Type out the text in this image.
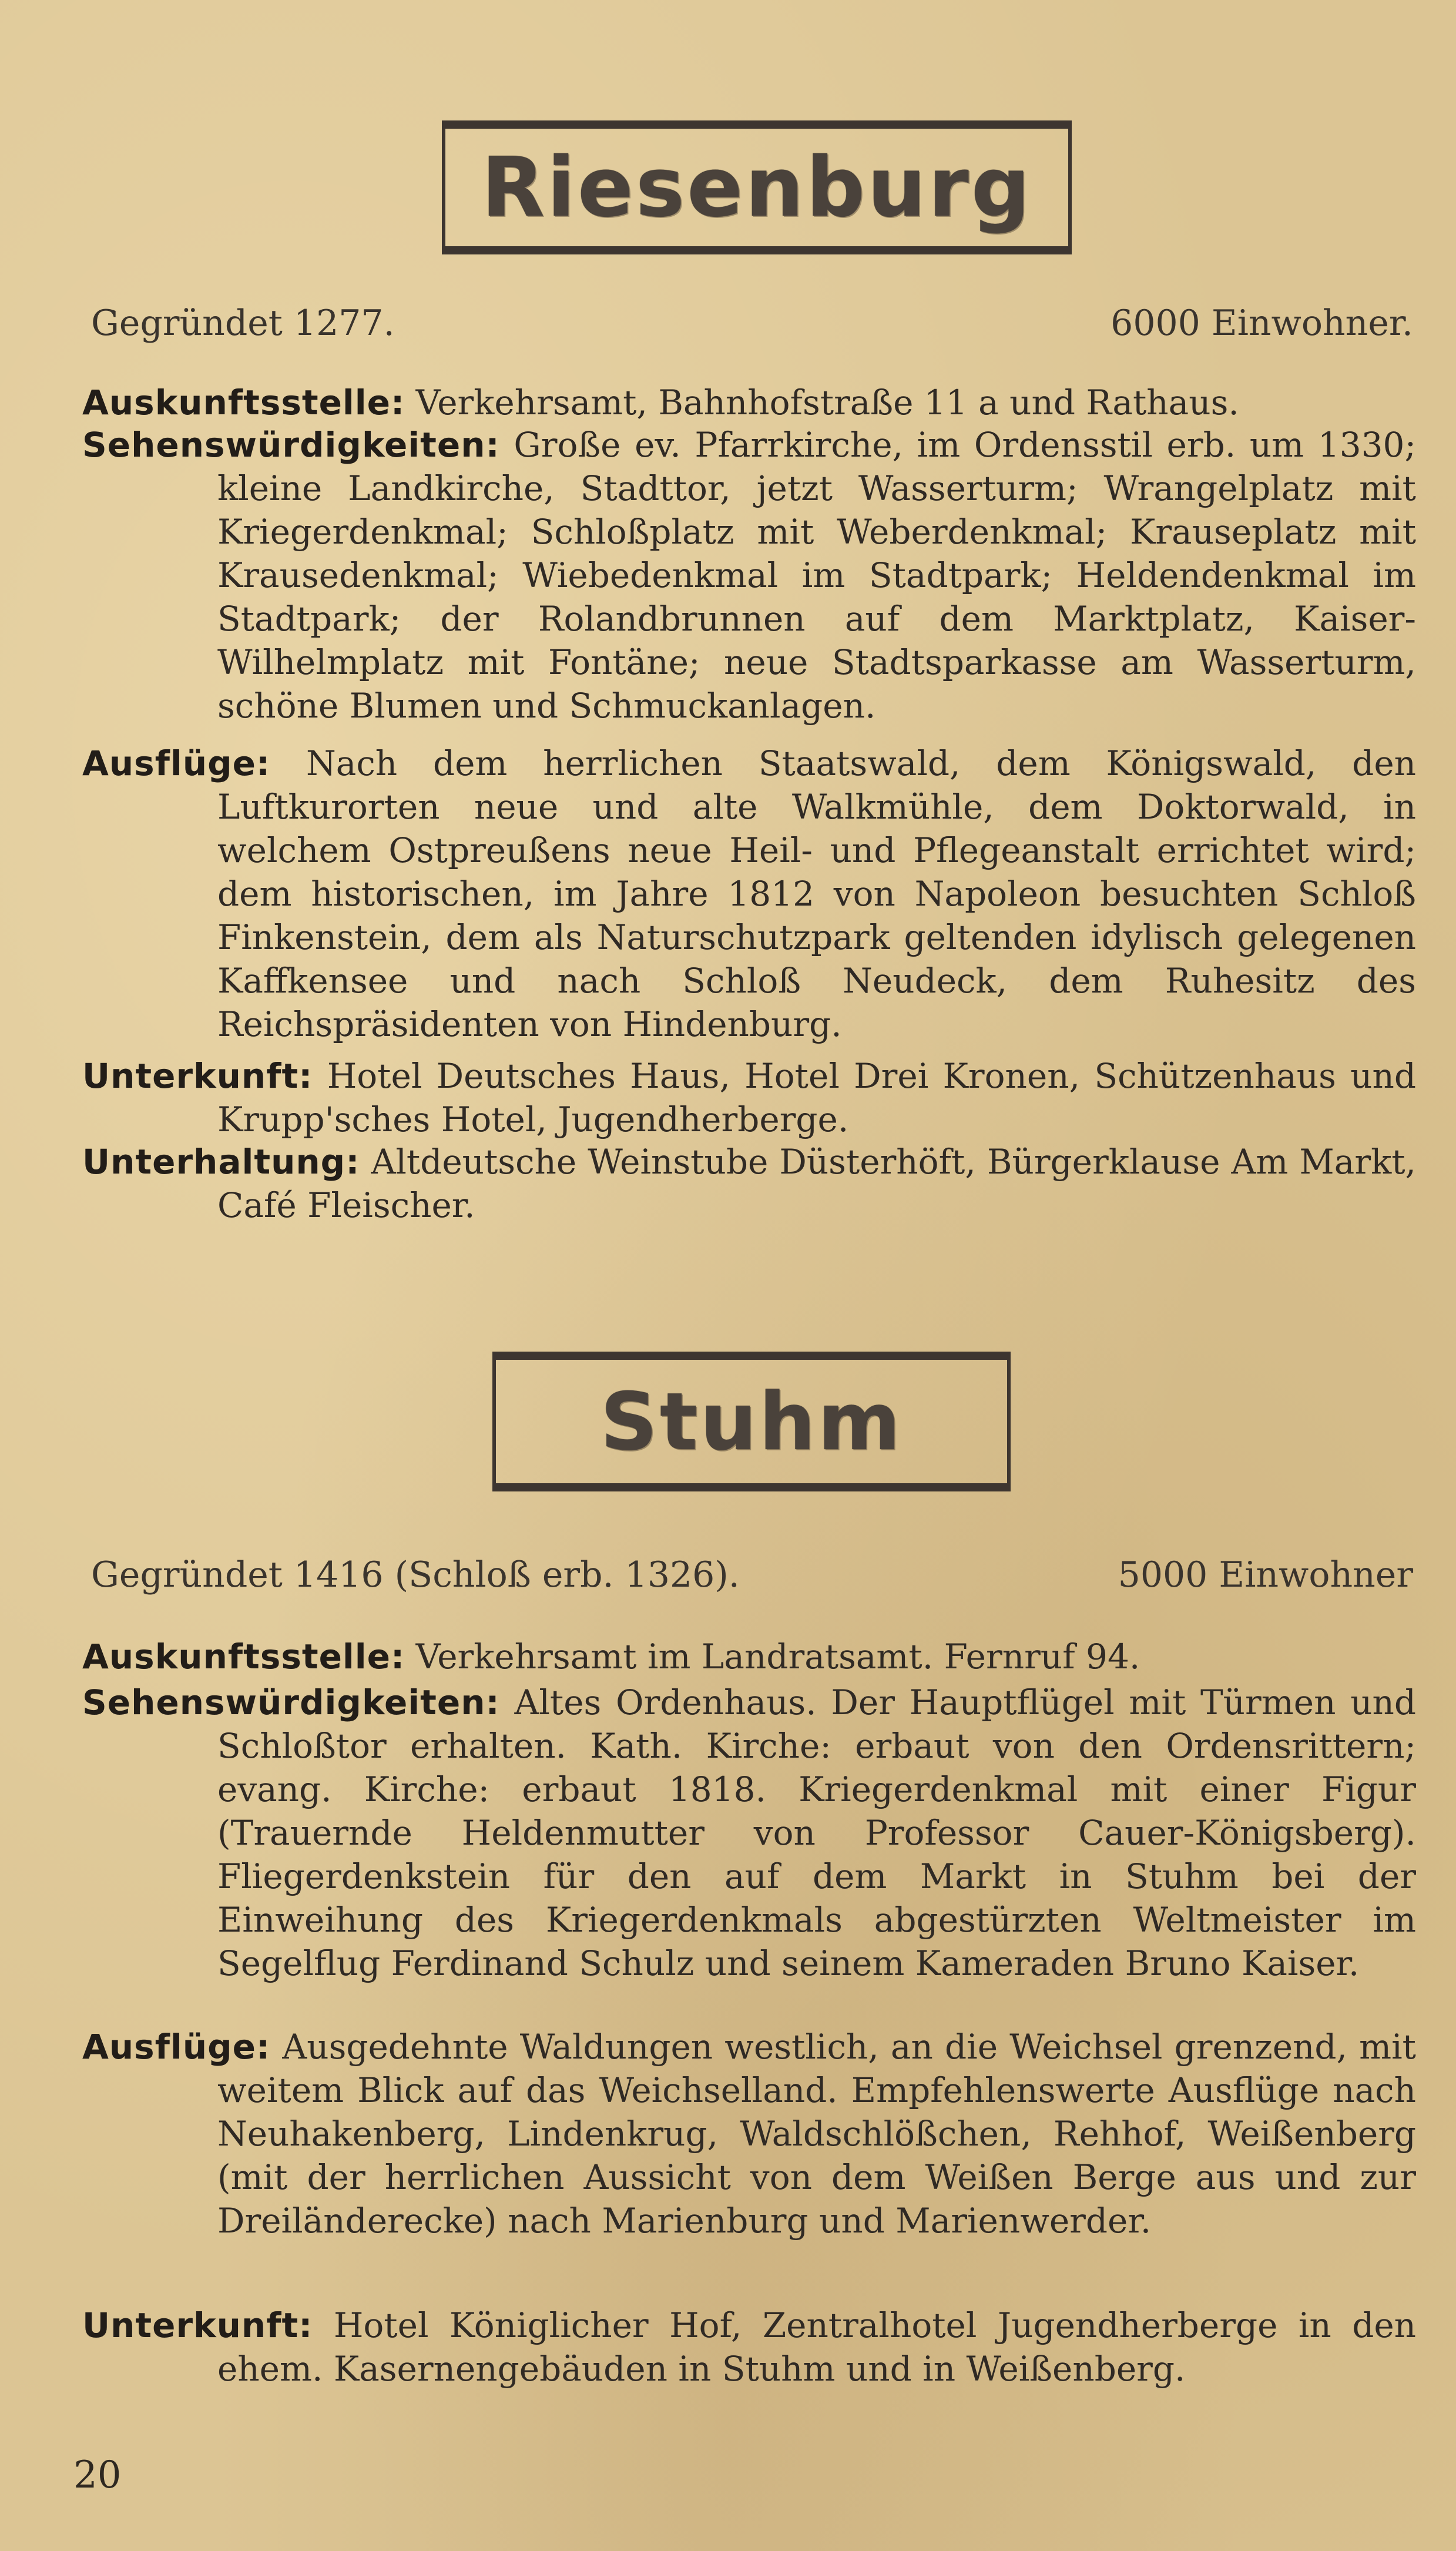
Riesenburg
Gegründet 1277.	6000 Einwohner.
Auskunftsstelle: Verkehrsamt, Bahnhofstraße 11 a und Rathaus.
Sehenswürdigkeiten: Große ev. Pfarrkirche, im Ordensstil erb. um 1330; kleine Landkirche, Stadttor, jetzt Wasserturm; Wrangelplatz mit Kriegerdenkmal; Schloßplatz mit Weberdenkmal; Krauseplatz mit Krausedenkmal; Wiebedenkmal im Stadtpark; Heldendenkmal im Stadtpark; der Rolandbrunnen auf dem Marktplatz, Kaiser-Wilhelmplatz mit Fontäne; neue Stadtsparkasse am Wasserturm, schöne Blumen und Schmuckanlagen.
Ausflüge: Nach dem herrlichen Staatswald, dem Königswald, den Luftkurorten neue und alte Walkmühle, dem Doktorwald, in welchem Ostpreußens neue Heil- und Pflegeanstalt errichtet wird; dem historischen, im Jahre 1812 von Napoleon besuchten Schloß Finkenstein, dem als Naturschutzpark geltenden idylisch gelegenen Kaffkensee und nach Schloß Neudeck, dem Ruhesitz des Reichspräsidenten von Hindenburg.
Unterkunft: Hotel Deutsches Haus, Hotel Drei Kronen, Schützenhaus und Krupp'sches Hotel, Jugendherberge.
Unterhaltung: Altdeutsche Weinstube Düsterhöft, Bürgerklause Am Markt, Café Fleischer.
Stuhm
Gegründet 1416 (Schloß erb. 1326).	5000 Einwohner
Auskunftsstelle: Verkehrsamt im Landratsamt. Fernruf 94.
Sehenswürdigkeiten: Altes Ordenhaus. Der Hauptflügel mit Türmen und Schloßtor erhalten. Kath. Kirche: erbaut von den Ordensrittern; evang. Kirche: erbaut 1818. Kriegerdenkmal mit einer Figur (Trauernde Heldenmutter von Professor Cauer-Königsberg). Fliegerdenkstein für den auf dem Markt in Stuhm bei der Einweihung des Kriegerdenkmals abgestürzten Weltmeister im Segelflug Ferdinand Schulz und seinem Kameraden Bruno Kaiser.
Ausflüge: Ausgedehnte Waldungen westlich, an die Weichsel grenzend, mit weitem Blick auf das Weichselland. Empfehlenswerte Ausflüge nach Neuhakenberg, Lindenkrug, Waldschlößchen, Rehhof, Weißenberg (mit der herrlichen Aussicht von dem Weißen Berge aus und zur Dreiländerecke) nach Marienburg und Marienwerder.
Unterkunft: Hotel Königlicher Hof, Zentralhotel Jugendherberge in den ehem. Kasernengebäuden in Stuhm und in Weißenberg.
20
